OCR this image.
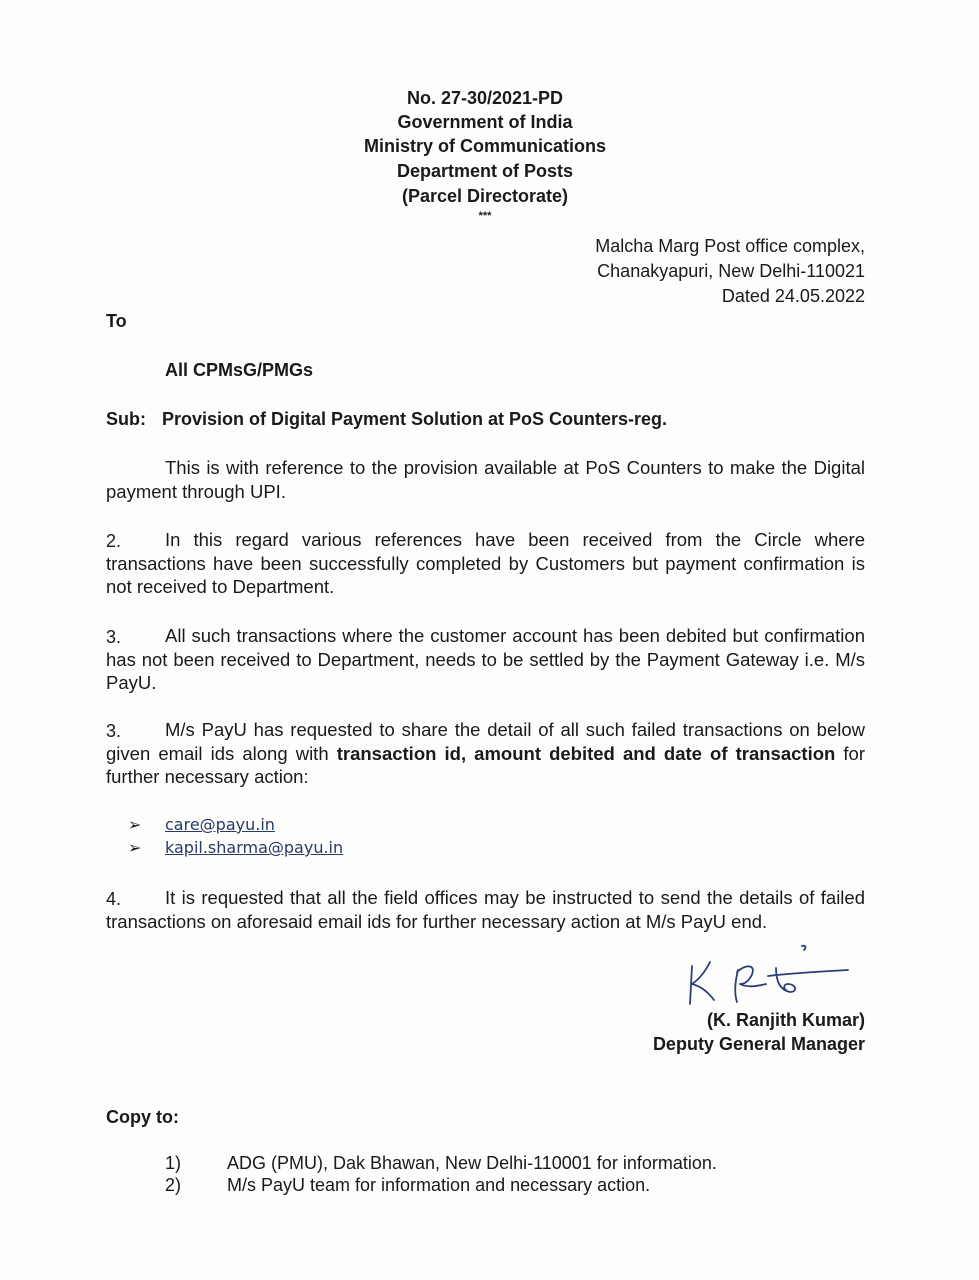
No. 27-30/2021-PD
Government of India
Ministry of Communications
Department of Posts
(Parcel Directorate)
***
Malcha Marg Post office complex,
Chanakyapuri, New Delhi-110021
Dated 24.05.2022
To
All CPMsG/PMGs
Sub: Provision of Digital Payment Solution at PoS Counters-reg.
This is with reference to the provision available at PoS Counters to make the Digital payment through UPI.
2.	In this regard various references have been received from the Circle where transactions have been successfully completed by Customers but payment confirmation is not received to Department.
3.	All such transactions where the customer account has been debited but confirmation has not been received to Department, needs to be settled by the Payment Gateway i.e. M/s PayU.
3.	M/s PayU has requested to share the detail of all such failed transactions on below given email ids along with transaction id, amount debited and date of transaction for further necessary action:
➢ care@payu.in
➢ kapil.sharma@payu.in
4.	It is requested that all the field offices may be instructed to send the details of failed transactions on aforesaid email ids for further necessary action at M/s PayU end.
(K. Ranjith Kumar)
Deputy General Manager
Copy to:
1)	ADG (PMU), Dak Bhawan, New Delhi-110001 for information.
2)	M/s PayU team for information and necessary action.
